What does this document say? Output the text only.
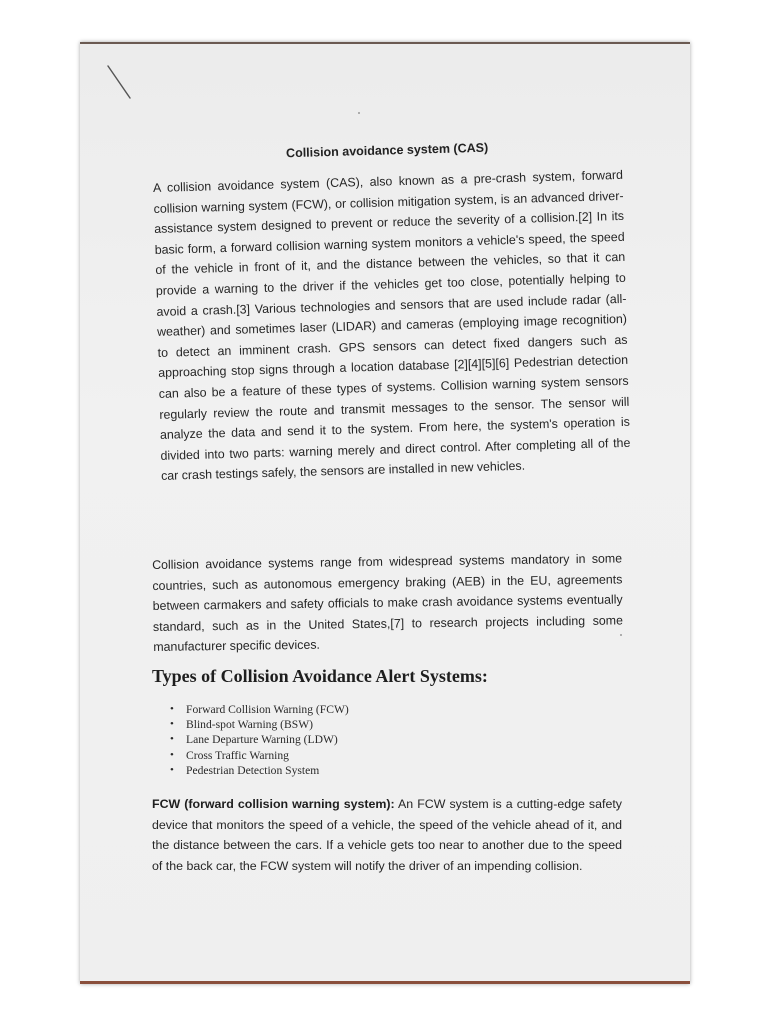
Collision avoidance system (CAS)

A collision avoidance system (CAS), also known as a pre-crash system, forward collision warning system (FCW), or collision mitigation system, is an advanced driver-assistance system designed to prevent or reduce the severity of a collision.[2] In its basic form, a forward collision warning system monitors a vehicle's speed, the speed of the vehicle in front of it, and the distance between the vehicles, so that it can provide a warning to the driver if the vehicles get too close, potentially helping to avoid a crash.[3] Various technologies and sensors that are used include radar (all-weather) and sometimes laser (LIDAR) and cameras (employing image recognition) to detect an imminent crash. GPS sensors can detect fixed dangers such as approaching stop signs through a location database [2][4][5][6] Pedestrian detection can also be a feature of these types of systems. Collision warning system sensors regularly review the route and transmit messages to the sensor. The sensor will analyze the data and send it to the system. From here, the system's operation is divided into two parts: warning merely and direct control. After completing all of the car crash testings safely, the sensors are installed in new vehicles.

Collision avoidance systems range from widespread systems mandatory in some countries, such as autonomous emergency braking (AEB) in the EU, agreements between carmakers and safety officials to make crash avoidance systems eventually standard, such as in the United States,[7] to research projects including some manufacturer specific devices.

Types of Collision Avoidance Alert Systems:
• Forward Collision Warning (FCW)
• Blind-spot Warning (BSW)
• Lane Departure Warning (LDW)
• Cross Traffic Warning
• Pedestrian Detection System

FCW (forward collision warning system): An FCW system is a cutting-edge safety device that monitors the speed of a vehicle, the speed of the vehicle ahead of it, and the distance between the cars. If a vehicle gets too near to another due to the speed of the back car, the FCW system will notify the driver of an impending collision.
